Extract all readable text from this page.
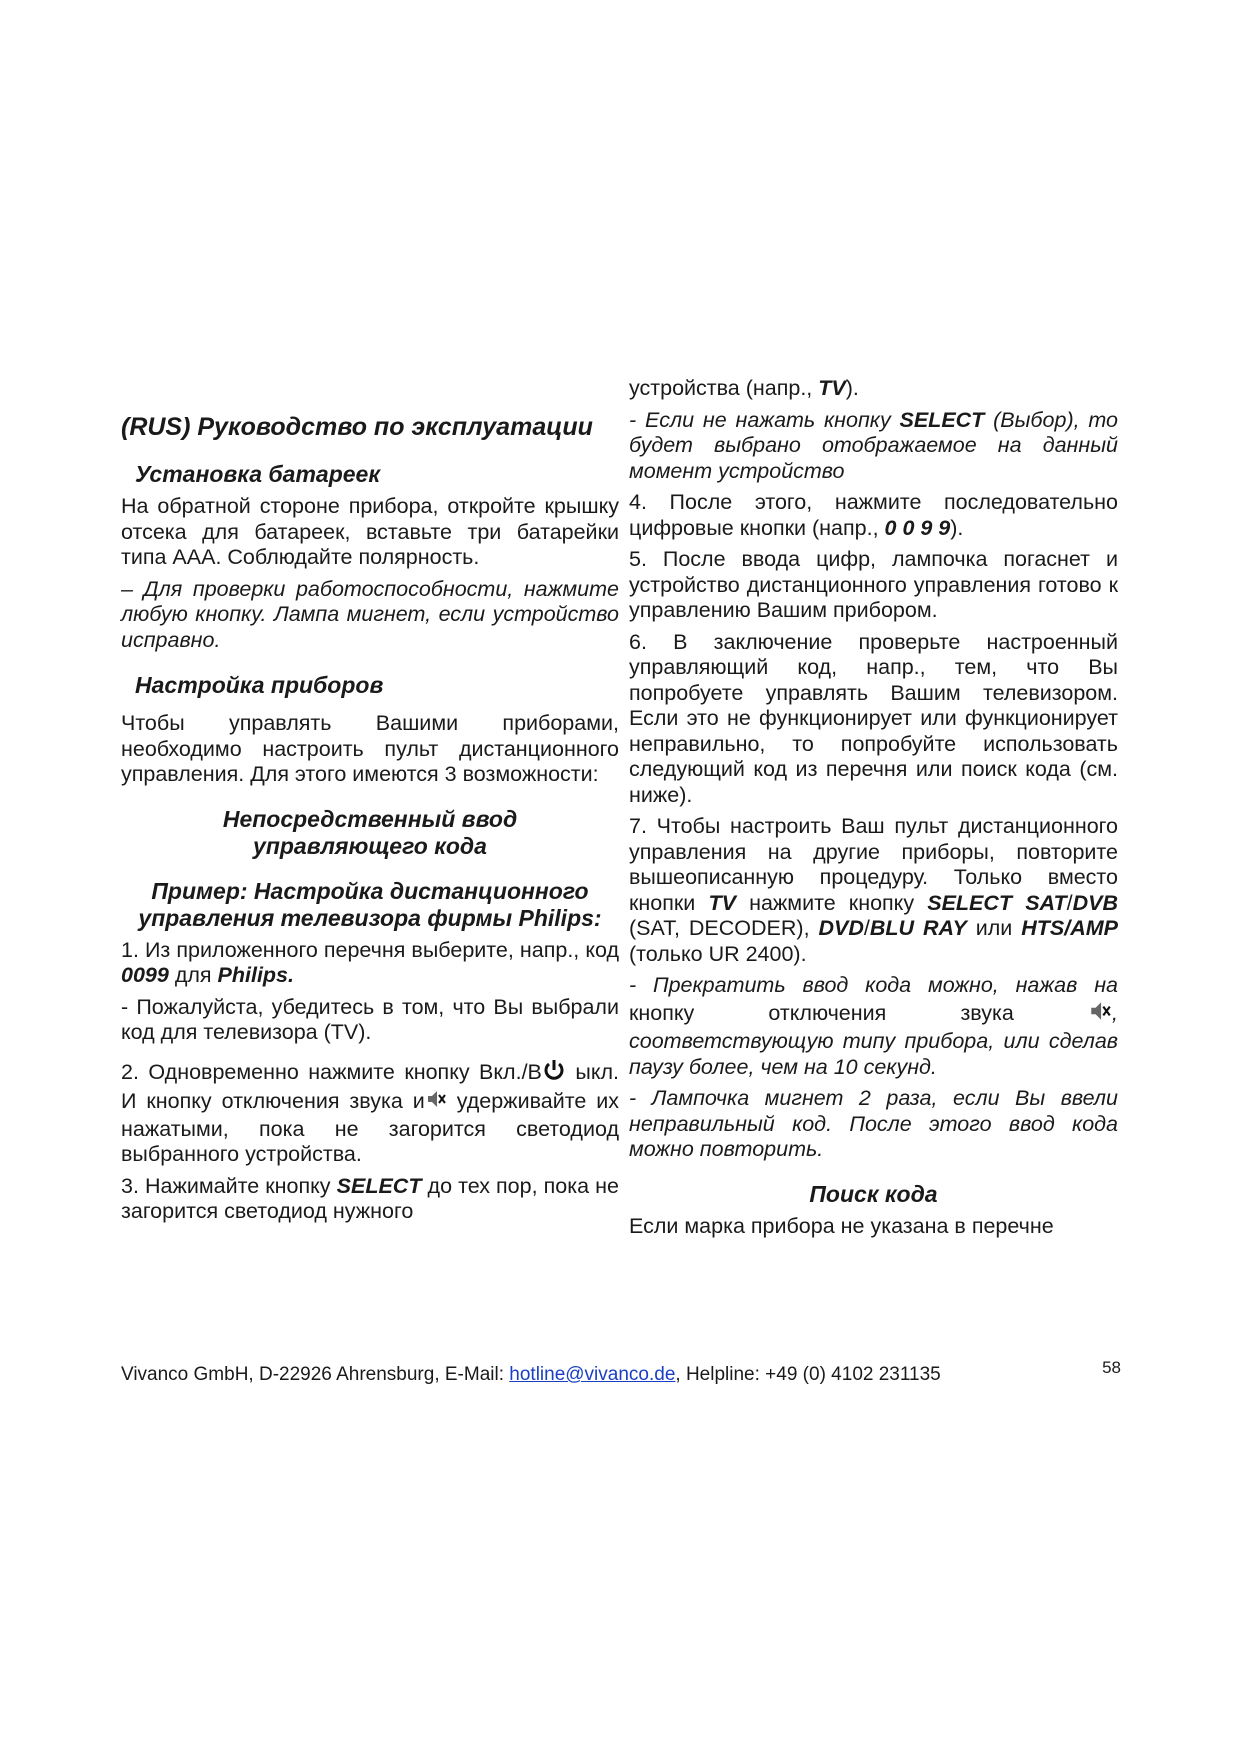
(RUS) Руководство по эксплуатации
Установка батареек

На обратной стороне прибора, откройте крышку отсека для батареек, вставьте три батарейки типа ААА. Соблюдайте полярность.

– Для проверки работоспособности, нажмите любую кнопку. Лампа мигнет, если устройство исправно.

Настройка приборов

Чтобы управлять Вашими приборами, необходимо настроить пульт дистанционного управления. Для этого имеются 3 возможности:

Непосредственный ввод
управляющего кода
Пример: Настройка дистанционного
управления телевизора фирмы Philips:

1. Из приложенного перечня выберите, напр., код 0099 для Philips.

- Пожалуйста, убедитесь в том, что Вы выбрали код для телевизора (TV).

2. Одновременно нажмите кнопку Вкл./В ыкл. И кнопку отключения звука и удерживайте их нажатыми, пока не загорится светодиод выбранного устройства.

3. Нажимайте кнопку SELECT до тех пор, пока не загорится светодиод нужного

устройства (напр., TV).

- Если не нажать кнопку SELECT (Выбор), то будет выбрано отображаемое на данный момент устройство

4. После этого, нажмите последовательно цифровые кнопки (напр., 0 0 9 9).

5. После ввода цифр, лампочка погаснет и устройство дистанционного управления готово к управлению Вашим прибором.

6. В заключение проверьте настроенный управляющий код, напр., тем, что Вы попробуете управлять Вашим телевизором. Если это не функционирует или функционирует неправильно, то попробуйте использовать следующий код из перечня или поиск кода (см. ниже).

7. Чтобы настроить Ваш пульт дистанционного управления на другие приборы, повторите вышеописанную процедуру. Только вместо кнопки TV нажмите кнопку SELECT SAT/DVB (SAT, DECODER), DVD/BLU RAY или HTS/AMP (только UR 2400).

- Прекратить ввод кода можно, нажав на кнопку отключения звука	, соответствующую типу прибора, или сделав паузу более, чем на 10 секунд.

- Лампочка мигнет 2 раза, если Вы ввели неправильный код. После этого ввод кода можно повторить.

Поиск кода

Если марка прибора не указана в перечне

Vivanco GmbH, D-22926 Ahrensburg, E-Mail: hotline@vivanco.de, Helpline: +49 (0) 4102 231135	58
